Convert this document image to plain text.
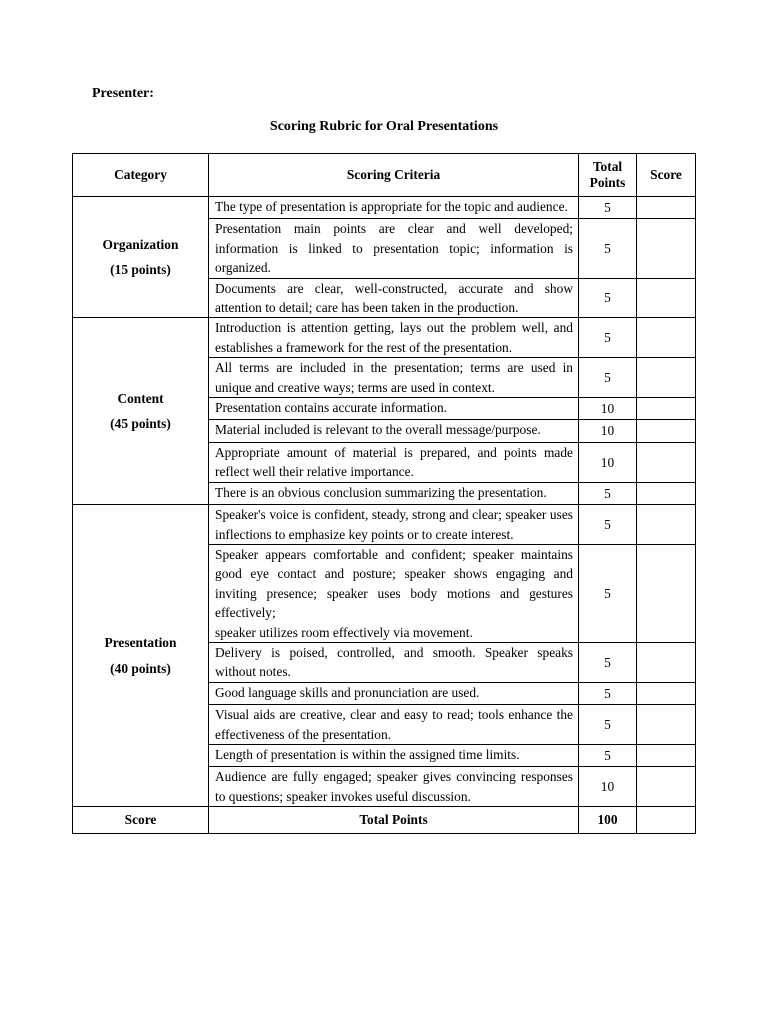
Presenter:
Scoring Rubric for Oral Presentations
Category	Scoring Criteria	Total Points	Score

Organization
(15 points)	The type of presentation is appropriate for the topic and audience.	5	

	Presentation main points are clear and well developed; information is linked to presentation topic; information is organized.	5	

	Documents are clear, well-constructed, accurate and show attention to detail; care has been taken in the production.	5	

Content
(45 points)	Introduction is attention getting, lays out the problem well, and establishes a framework for the rest of the presentation.	5	

	All terms are included in the presentation; terms are used in unique and creative ways; terms are used in context.	5	

	Presentation contains accurate information.	10	

	Material included is relevant to the overall message/purpose.	10	

	Appropriate amount of material is prepared, and points made reflect well their relative importance.	10	

	There is an obvious conclusion summarizing the presentation.	5	

Presentation
(40 points)	Speaker's voice is confident, steady, strong and clear; speaker uses inflections to emphasize key points or to create interest.	5	

	Speaker appears comfortable and confident; speaker maintains good eye contact and posture; speaker shows engaging and inviting presence; speaker uses body motions and gestures effectively;
speaker utilizes room effectively via movement.	5	

	Delivery is poised, controlled, and smooth. Speaker speaks without notes.	5	

	Good language skills and pronunciation are used.	5	

	Visual aids are creative, clear and easy to read; tools enhance the effectiveness of the presentation.	5	

	Length of presentation is within the assigned time limits.	5	

	Audience are fully engaged; speaker gives convincing responses to questions; speaker invokes useful discussion.	10	
Score	Total Points	100	
